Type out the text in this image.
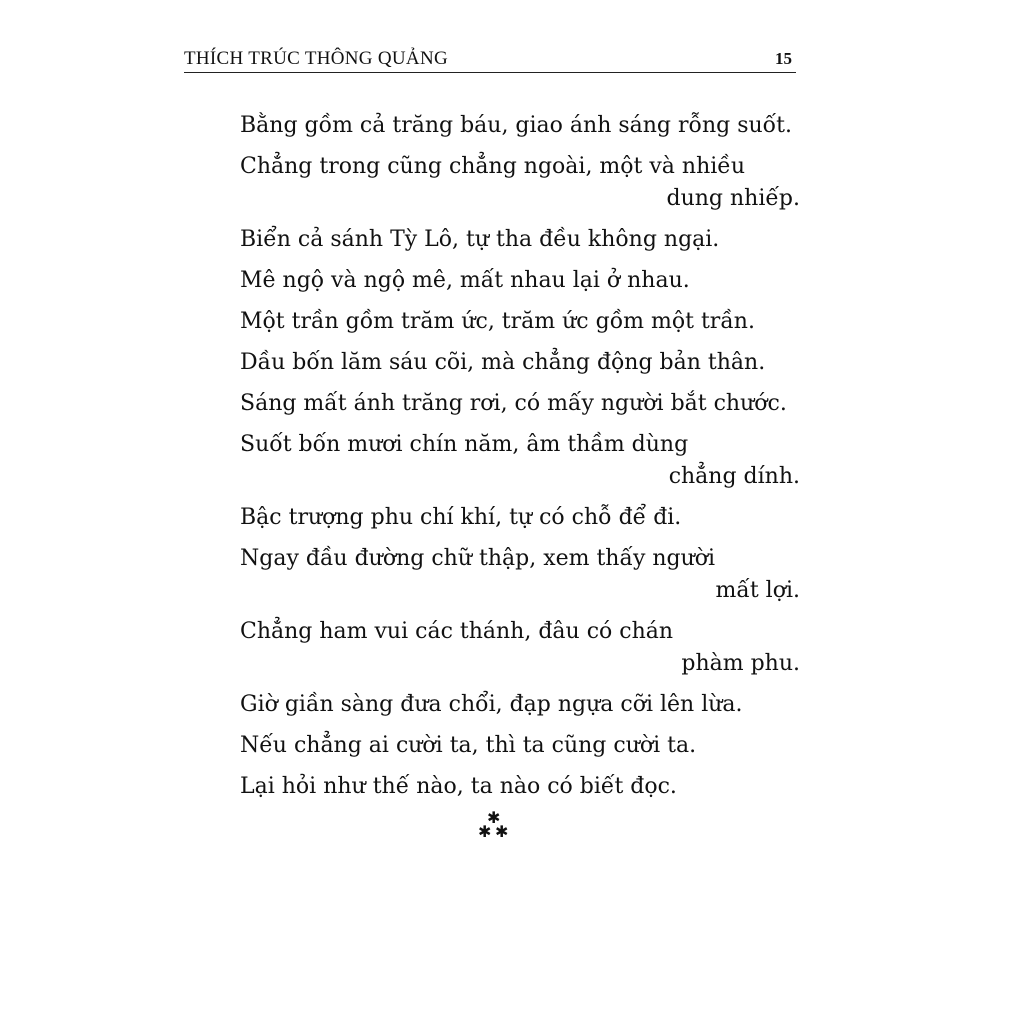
THÍCH TRÚC THÔNG QUẢNG	15
Bằng gồm cả trăng báu, giao ánh sáng rỗng suốt.
Chẳng trong cũng chẳng ngoài, một và nhiều
dung nhiếp.
Biển cả sánh Tỳ Lô, tự tha đều không ngại.
Mê ngộ và ngộ mê, mất nhau lại ở nhau.
Một trần gồm trăm ức, trăm ức gồm một trần.
Dầu bốn lăm sáu cõi, mà chẳng động bản thân.
Sáng mất ánh trăng rơi, có mấy người bắt chước.
Suốt bốn mươi chín năm, âm thầm dùng
chẳng dính.
Bậc trượng phu chí khí, tự có chỗ để đi.
Ngay đầu đường chữ thập, xem thấy người
mất lợi.
Chẳng ham vui các thánh, đâu có chán
phàm phu.
Giờ giần sàng đưa chổi, đạp ngựa cỡi lên lừa.
Nếu chẳng ai cười ta, thì ta cũng cười ta.
Lại hỏi như thế nào, ta nào có biết đọc.
✱
✱ ✱
